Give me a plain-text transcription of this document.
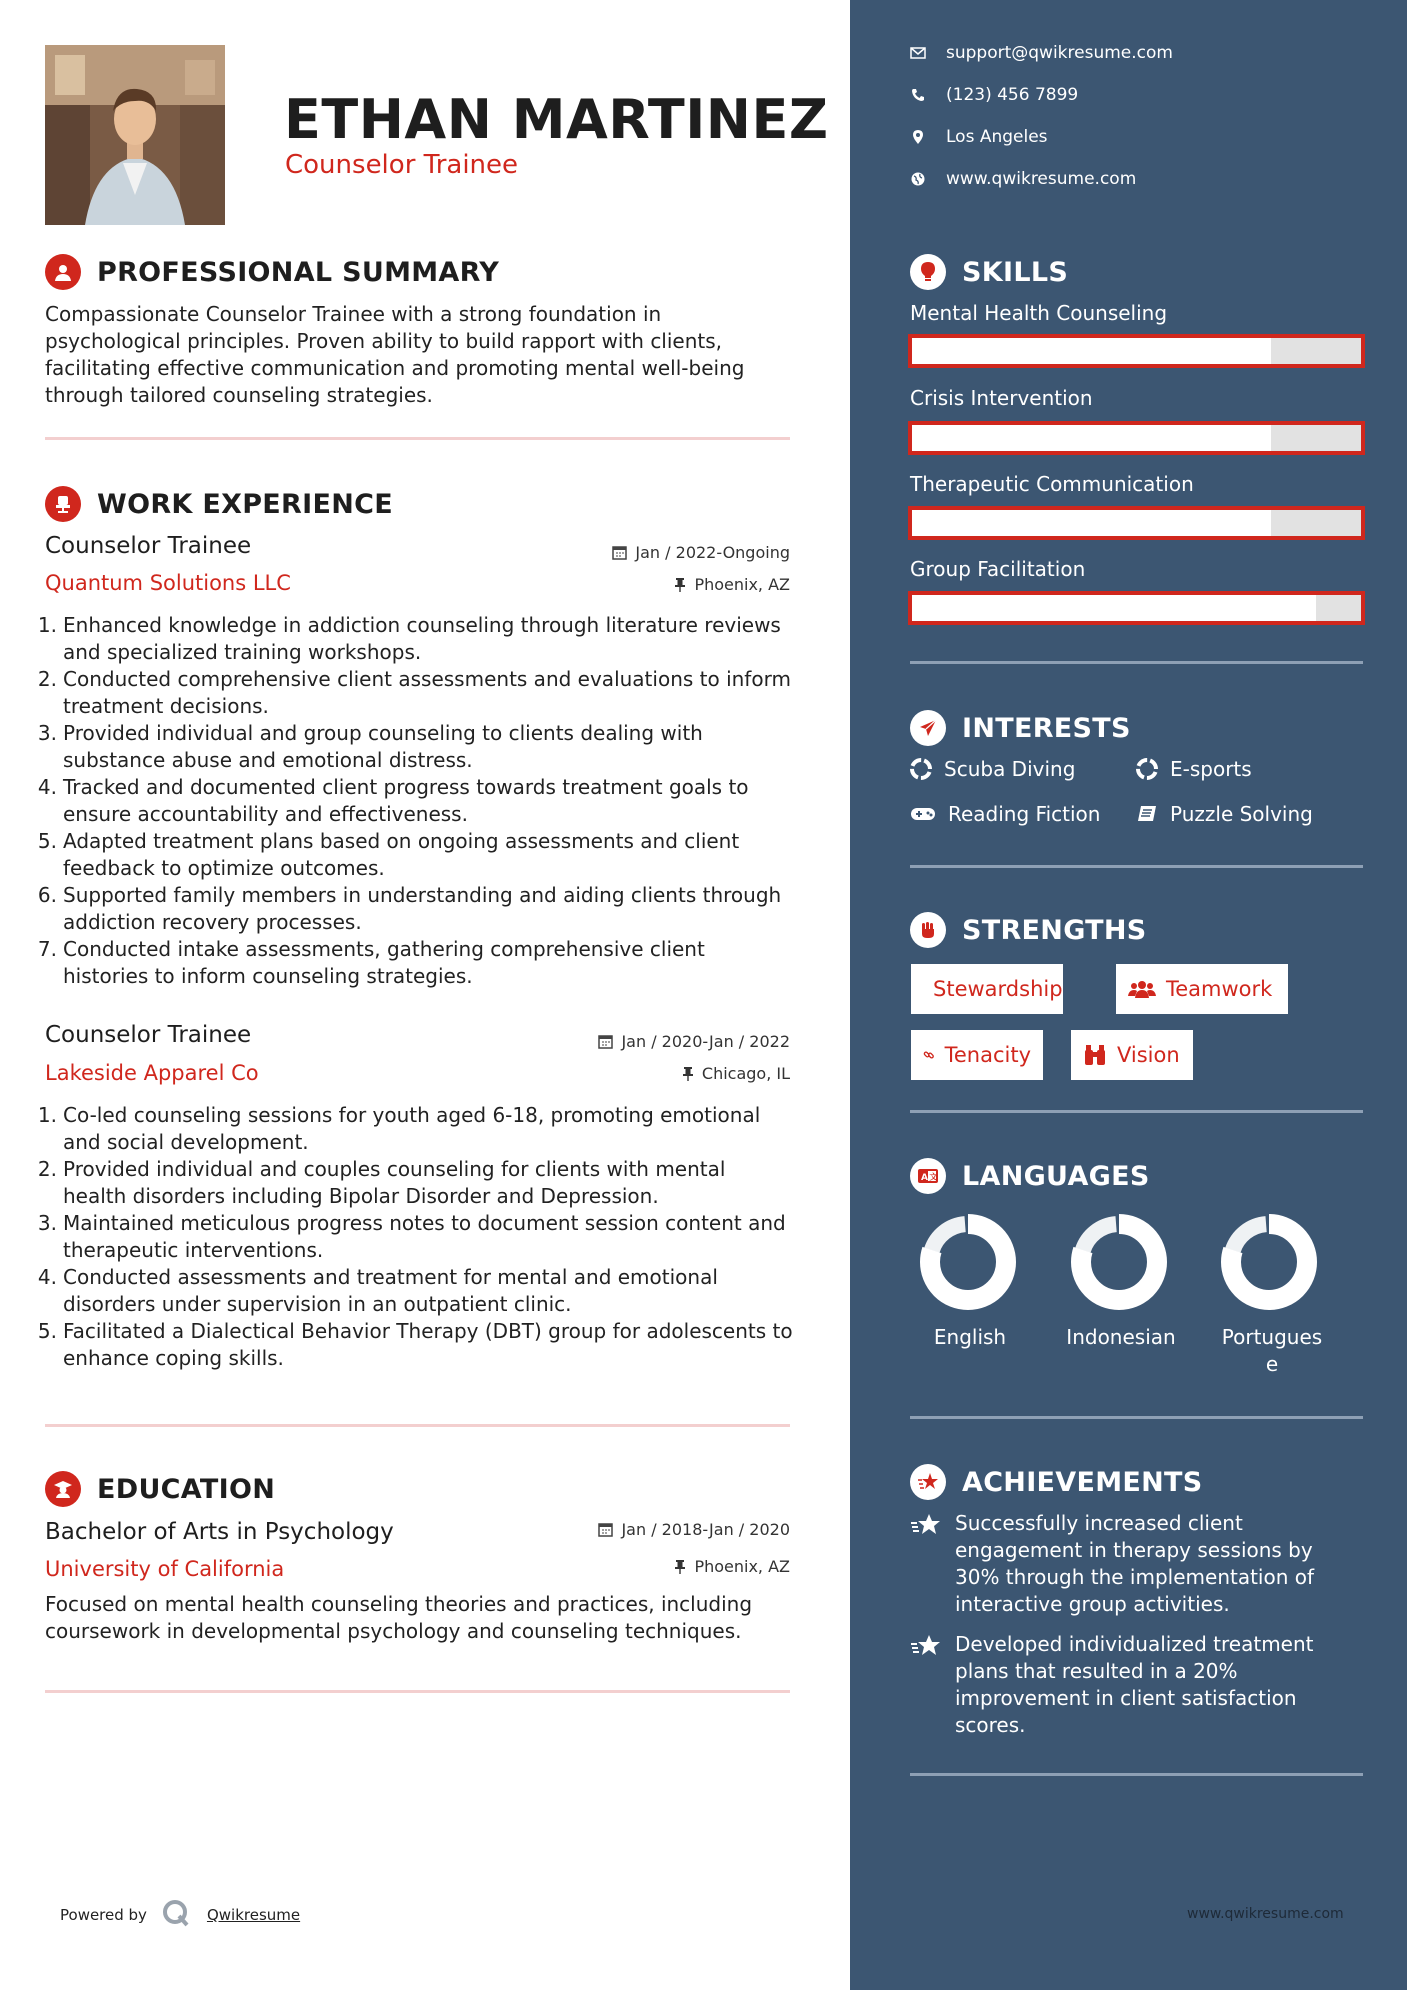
ETHAN MARTINEZ
Counselor Trainee
PROFESSIONAL SUMMARY
Compassionate Counselor Trainee with a strong foundation in psychological principles. Proven ability to build rapport with clients, facilitating effective communication and promoting mental well-being through tailored counseling strategies.
WORK EXPERIENCE
Counselor Trainee
Quantum Solutions LLC
Jan / 2022-Ongoing
Phoenix, AZ
1. Enhanced knowledge in addiction counseling through literature reviews and specialized training workshops.
2. Conducted comprehensive client assessments and evaluations to inform treatment decisions.
3. Provided individual and group counseling to clients dealing with substance abuse and emotional distress.
4. Tracked and documented client progress towards treatment goals to ensure accountability and effectiveness.
5. Adapted treatment plans based on ongoing assessments and client feedback to optimize outcomes.
6. Supported family members in understanding and aiding clients through addiction recovery processes.
7. Conducted intake assessments, gathering comprehensive client histories to inform counseling strategies.
Counselor Trainee
Lakeside Apparel Co
Jan / 2020-Jan / 2022
Chicago, IL
1. Co-led counseling sessions for youth aged 6-18, promoting emotional and social development.
2. Provided individual and couples counseling for clients with mental health disorders including Bipolar Disorder and Depression.
3. Maintained meticulous progress notes to document session content and therapeutic interventions.
4. Conducted assessments and treatment for mental and emotional disorders under supervision in an outpatient clinic.
5. Facilitated a Dialectical Behavior Therapy (DBT) group for adolescents to enhance coping skills.
EDUCATION
Bachelor of Arts in Psychology
University of California
Jan / 2018-Jan / 2020
Phoenix, AZ
Focused on mental health counseling theories and practices, including coursework in developmental psychology and counseling techniques.
Powered by	Qwikresume
support@qwikresume.com
(123) 456 7899
Los Angeles
www.qwikresume.com
SKILLS
Mental Health Counseling
Crisis Intervention
Therapeutic Communication
Group Facilitation
INTERESTS
Scuba Diving	E-sports
Reading Fiction	Puzzle Solving
STRENGTHS
Stewardship	Teamwork
Tenacity	Vision
A 文 LANGUAGES
English	Indonesian	Portugues
e
ACHIEVEMENTS
Successfully increased client engagement in therapy sessions by 30% through the implementation of interactive group activities.
Developed individualized treatment plans that resulted in a 20% improvement in client satisfaction scores.
www.qwikresume.com
